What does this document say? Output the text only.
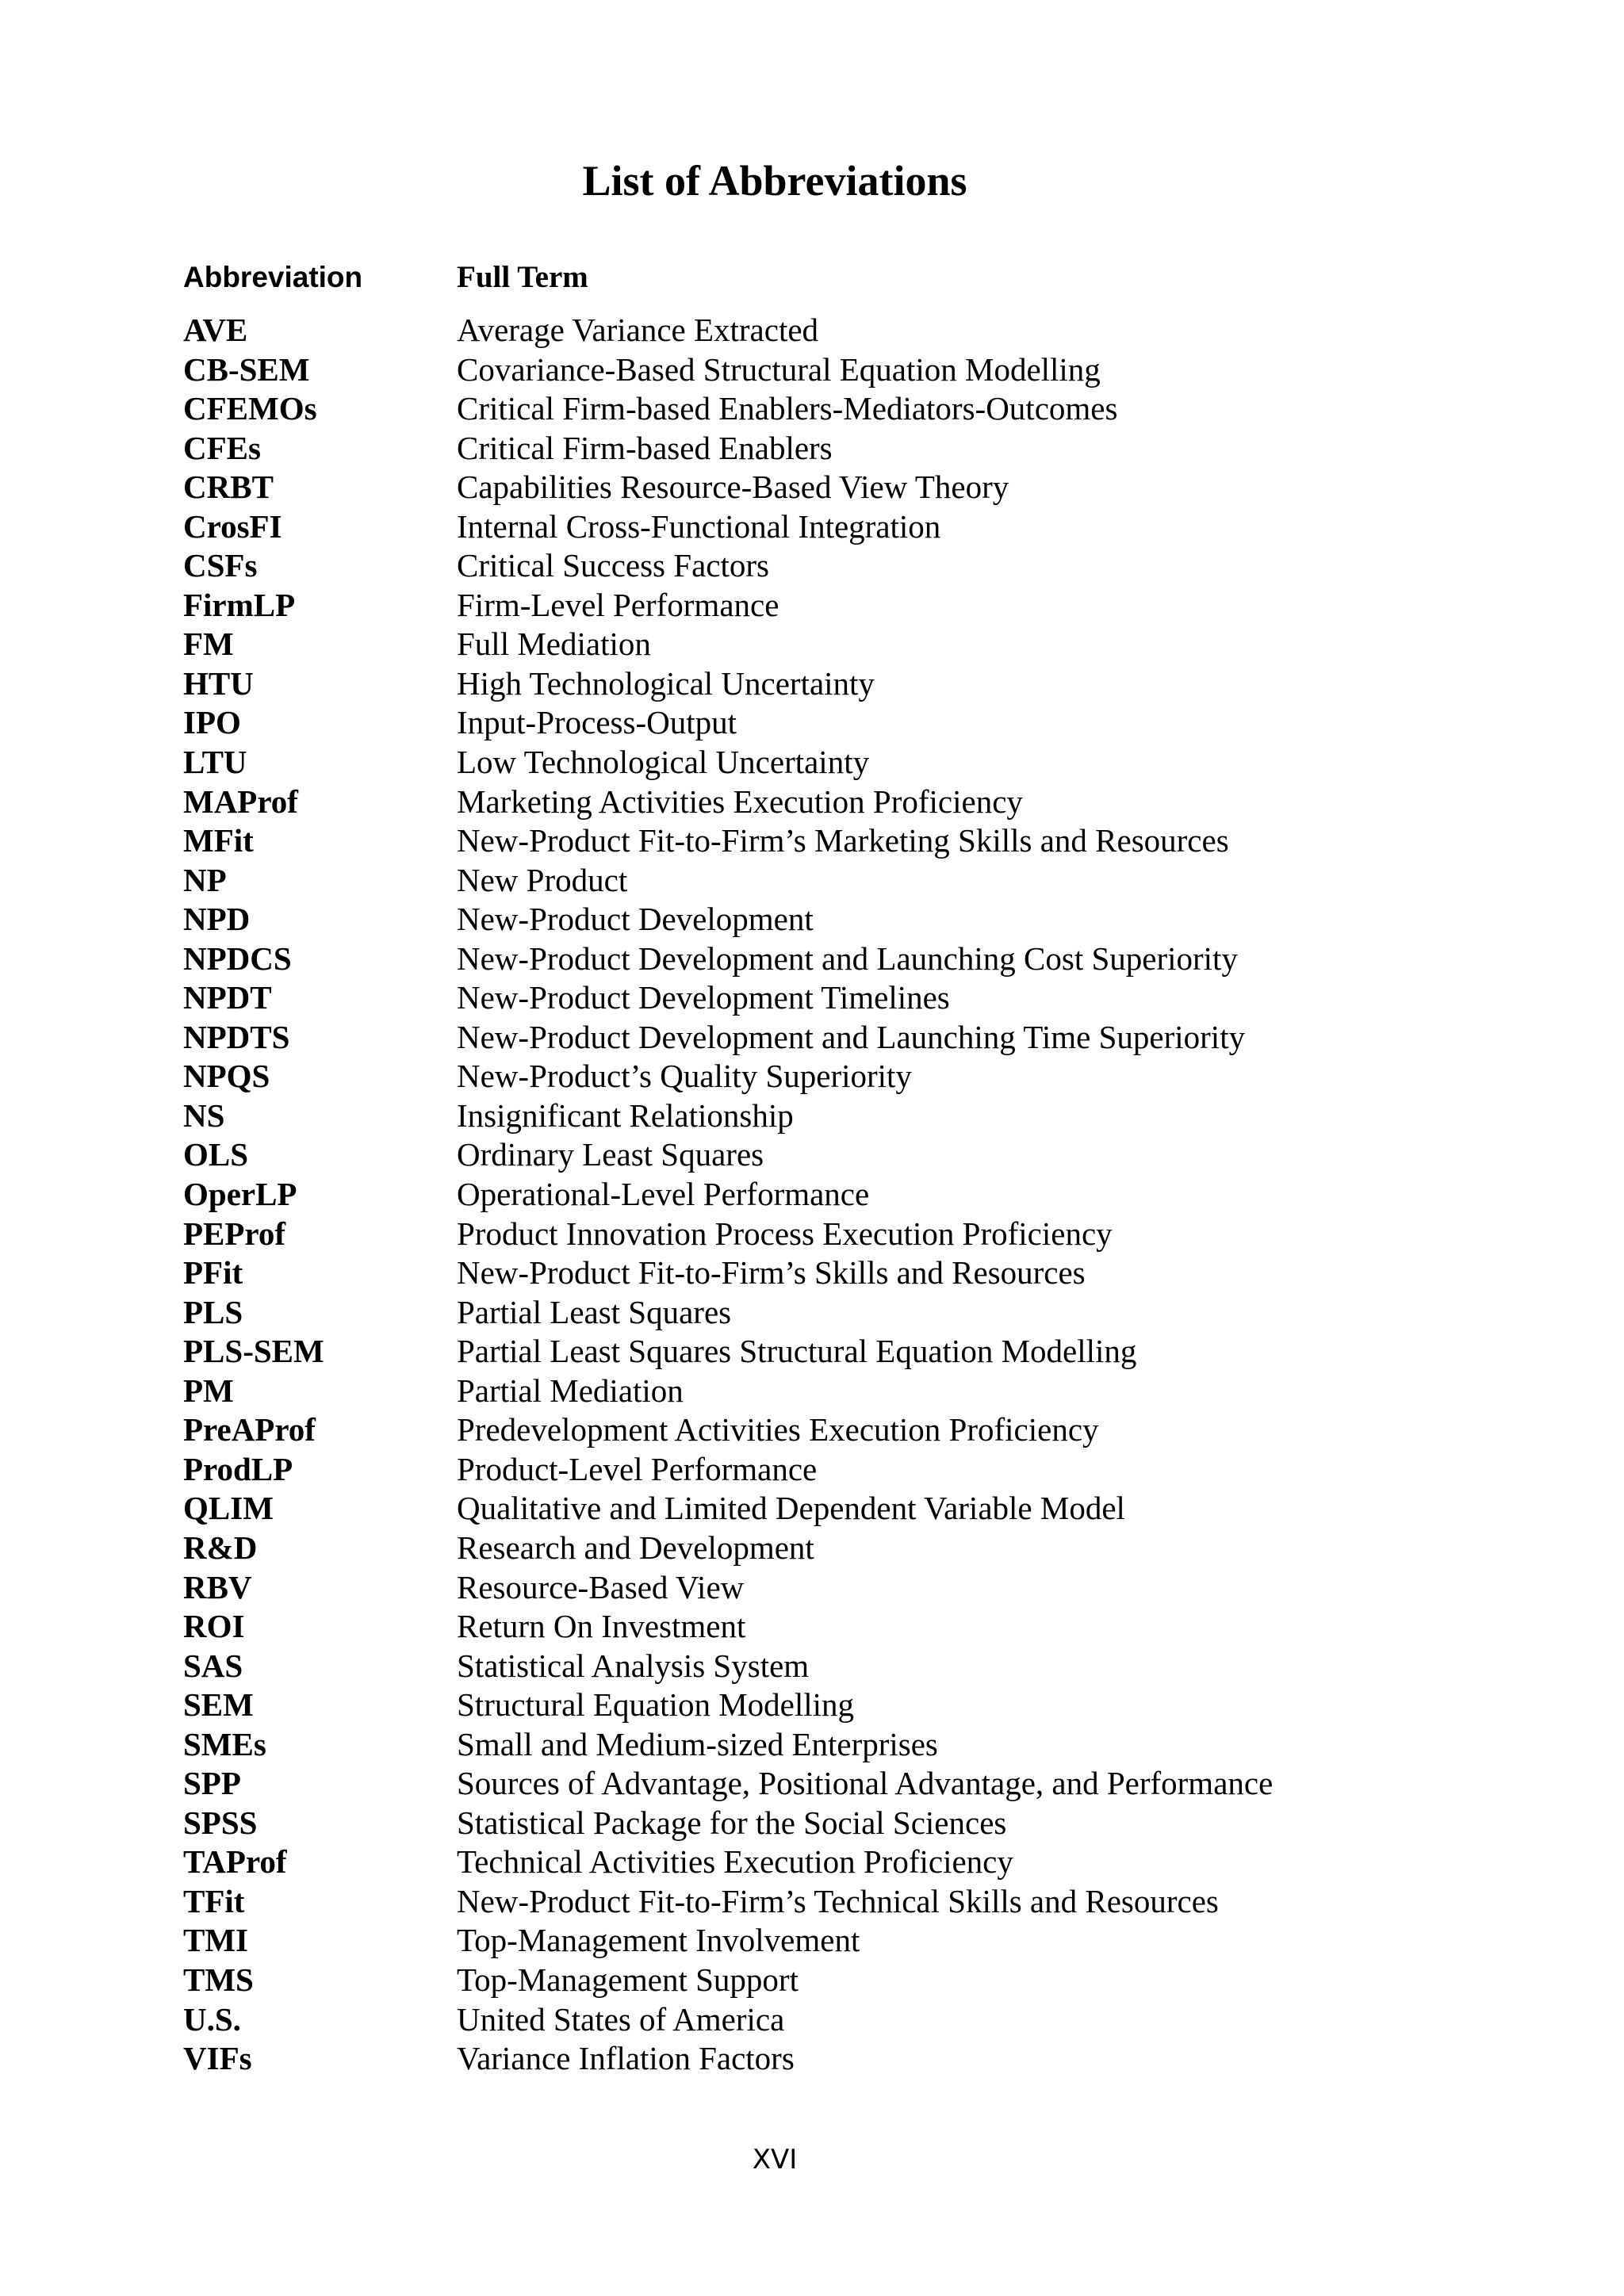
List of Abbreviations
Abbreviation	Full Term
AVE	Average Variance Extracted
CB-SEM	Covariance-Based Structural Equation Modelling
CFEMOs	Critical Firm-based Enablers-Mediators-Outcomes
CFEs	Critical Firm-based Enablers
CRBT	Capabilities Resource-Based View Theory
CrosFI	Internal Cross-Functional Integration
CSFs	Critical Success Factors
FirmLP	Firm-Level Performance
FM	Full Mediation
HTU	High Technological Uncertainty
IPO	Input-Process-Output
LTU	Low Technological Uncertainty
MAProf	Marketing Activities Execution Proficiency
MFit	New-Product Fit-to-Firm’s Marketing Skills and Resources
NP	New Product
NPD	New-Product Development
NPDCS	New-Product Development and Launching Cost Superiority
NPDT	New-Product Development Timelines
NPDTS	New-Product Development and Launching Time Superiority
NPQS	New-Product’s Quality Superiority
NS	Insignificant Relationship
OLS	Ordinary Least Squares
OperLP	Operational-Level Performance
PEProf	Product Innovation Process Execution Proficiency
PFit	New-Product Fit-to-Firm’s Skills and Resources
PLS	Partial Least Squares
PLS-SEM	Partial Least Squares Structural Equation Modelling
PM	Partial Mediation
PreAProf	Predevelopment Activities Execution Proficiency
ProdLP	Product-Level Performance
QLIM	Qualitative and Limited Dependent Variable Model
R&D	Research and Development
RBV	Resource-Based View
ROI	Return On Investment
SAS	Statistical Analysis System
SEM	Structural Equation Modelling
SMEs	Small and Medium-sized Enterprises
SPP	Sources of Advantage, Positional Advantage, and Performance
SPSS	Statistical Package for the Social Sciences
TAProf	Technical Activities Execution Proficiency
TFit	New-Product Fit-to-Firm’s Technical Skills and Resources
TMI	Top-Management Involvement
TMS	Top-Management Support
U.S.	United States of America
VIFs	Variance Inflation Factors
XVI
